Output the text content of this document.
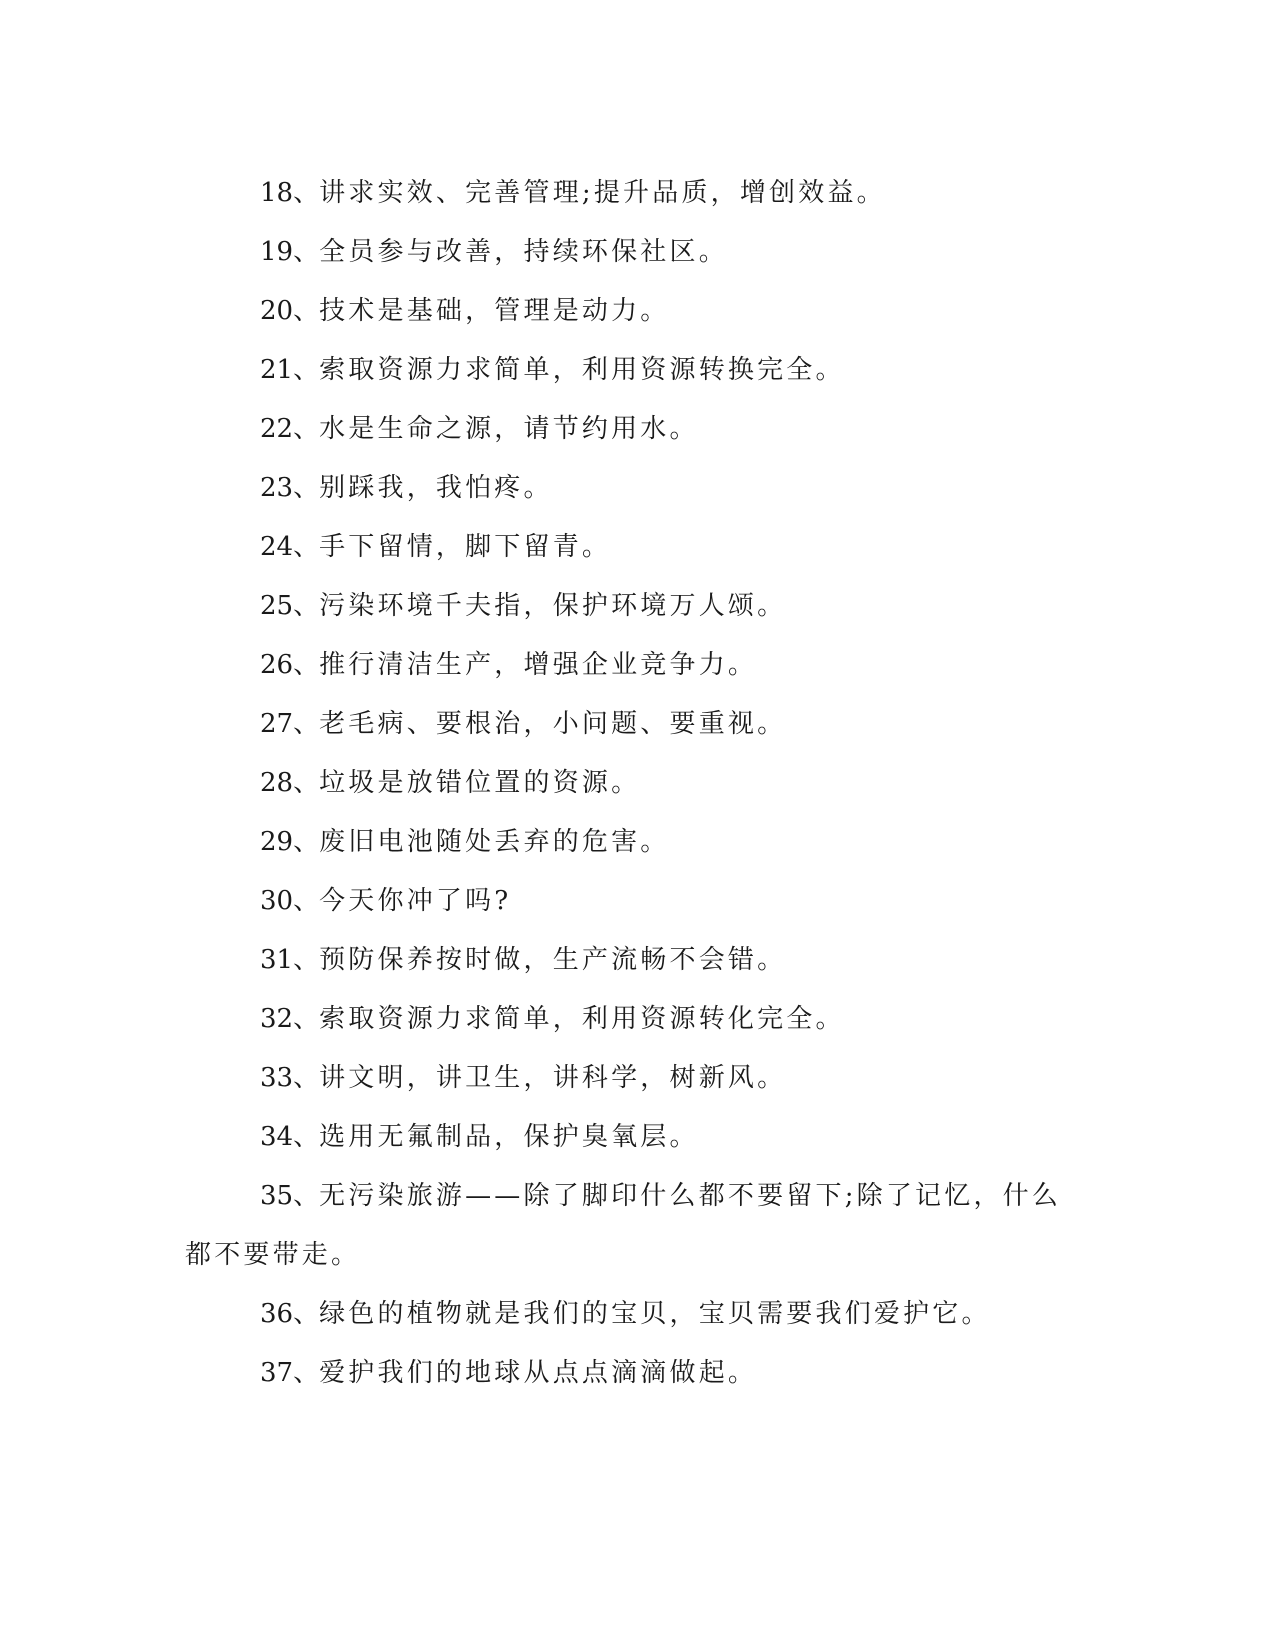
18、讲求实效、完善管理;提升品质，增创效益。

19、全员参与改善，持续环保社区。

20、技术是基础，管理是动力。

21、索取资源力求简单，利用资源转换完全。

22、水是生命之源，请节约用水。

23、别踩我，我怕疼。

24、手下留情，脚下留青。

25、污染环境千夫指，保护环境万人颂。

26、推行清洁生产，增强企业竞争力。

27、老毛病、要根治，小问题、要重视。

28、垃圾是放错位置的资源。

29、废旧电池随处丢弃的危害。

30、今天你冲了吗?

31、预防保养按时做，生产流畅不会错。

32、索取资源力求简单，利用资源转化完全。

33、讲文明，讲卫生，讲科学，树新风。

34、选用无氟制品，保护臭氧层。

35、无污染旅游——除了脚印什么都不要留下;除了记忆，什么都不要带走。

36、绿色的植物就是我们的宝贝，宝贝需要我们爱护它。

37、爱护我们的地球从点点滴滴做起。
